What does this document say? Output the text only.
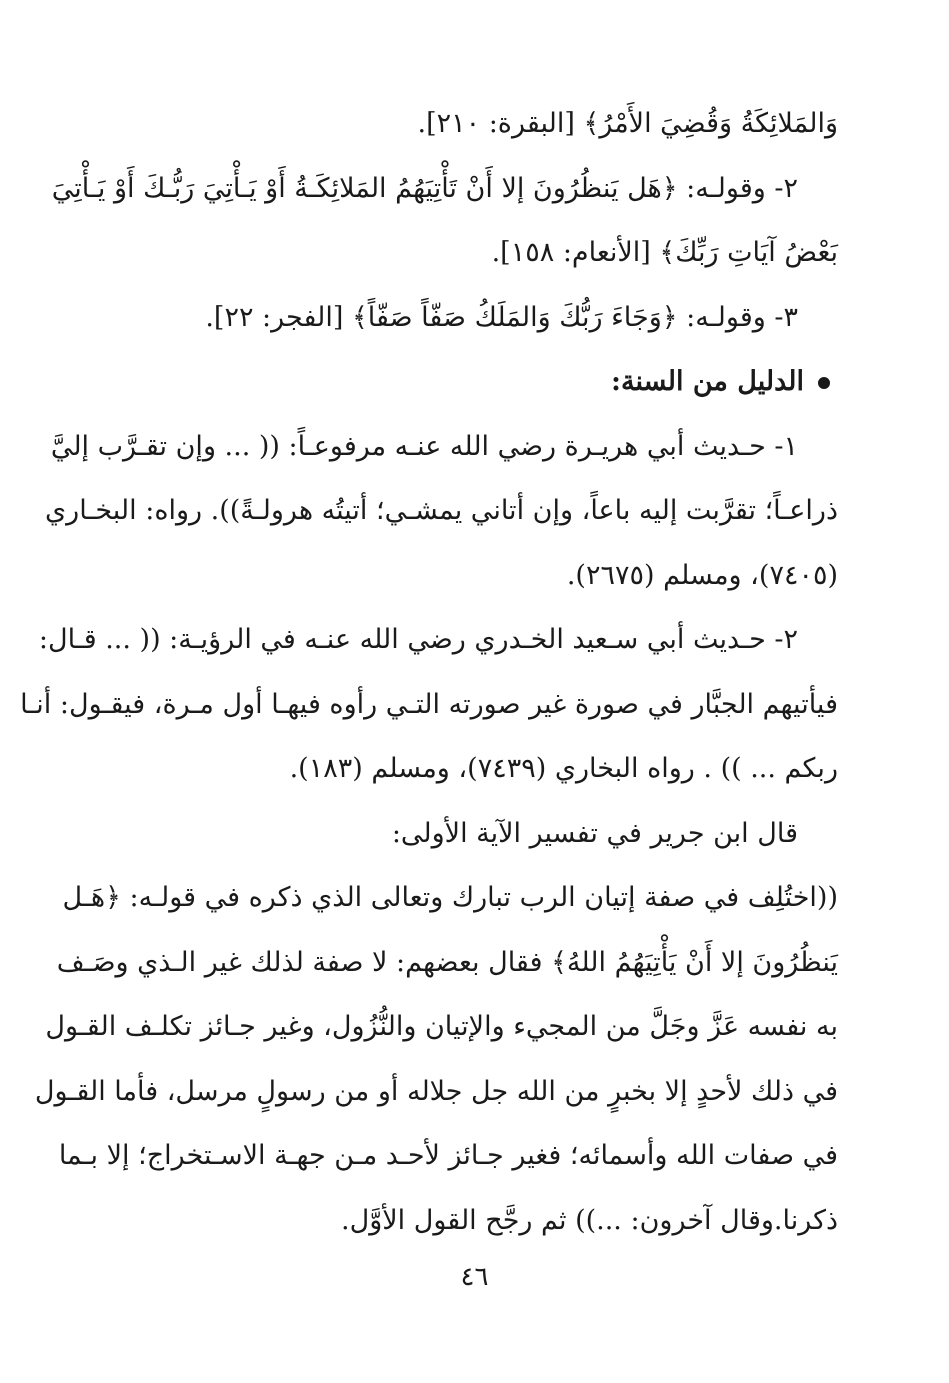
وَالمَلائِكَةُ وَقُضِيَ الأَمْرُ﴾ [البقرة: ٢١٠].
٢- وقولـه: ﴿هَل يَنظُرُونَ إلا أَنْ تَأْتِيَهُمُ المَلائِكَـةُ أَوْ يَـأْتِيَ رَبُّـكَ أَوْ يَـأْتِيَ
بَعْضُ آيَاتِ رَبِّكَ﴾ [الأنعام: ١٥٨].
٣- وقولـه: ﴿وَجَاءَ رَبُّكَ وَالمَلَكُ صَفّاً صَفّاً﴾ [الفجر: ٢٢].
الدليل من السنة:
١- حـديث أبي هريـرة رضي الله عنـه مرفوعـاً: (( ... وإن تقـرَّب إليَّ
ذراعـاً؛ تقرَّبت إليه باعاً، وإن أتاني يمشـي؛ أتيتُه هرولـةً)). رواه: البخـاري
(٧٤٠٥)، ومسلم (٢٦٧٥).
٢- حـديث أبي سـعيد الخـدري رضي الله عنـه في الرؤيـة: (( ... قـال:
فيأتيهم الجبَّار في صورة غير صورته التـي رأوه فيهـا أول مـرة، فيقـول: أنـا
ربكم ... )) . رواه البخاري (٧٤٣٩)، ومسلم (١٨٣).
قال ابن جرير في تفسير الآية الأولى:
((اختُلِف في صفة إتيان الرب تبارك وتعالى الذي ذكره في قولـه: ﴿هَـل
يَنظُرُونَ إلا أَنْ يَأْتِيَهُمُ اللهُ﴾ فقال بعضهم: لا صفة لذلك غير الـذي وصَـف
به نفسه عَزَّ وجَلَّ من المجيء والإتيان والنُّزُول، وغير جـائز تكلـف القـول
في ذلك لأحدٍ إلا بخبرٍ من الله جل جلاله أو من رسولٍ مرسل، فأما القـول
في صفات الله وأسمائه؛ فغير جـائز لأحـد مـن جهـة الاسـتخراج؛ إلا بـما
ذكرنا.وقال آخرون: ...)) ثم رجَّح القول الأوَّل.
٤٦
